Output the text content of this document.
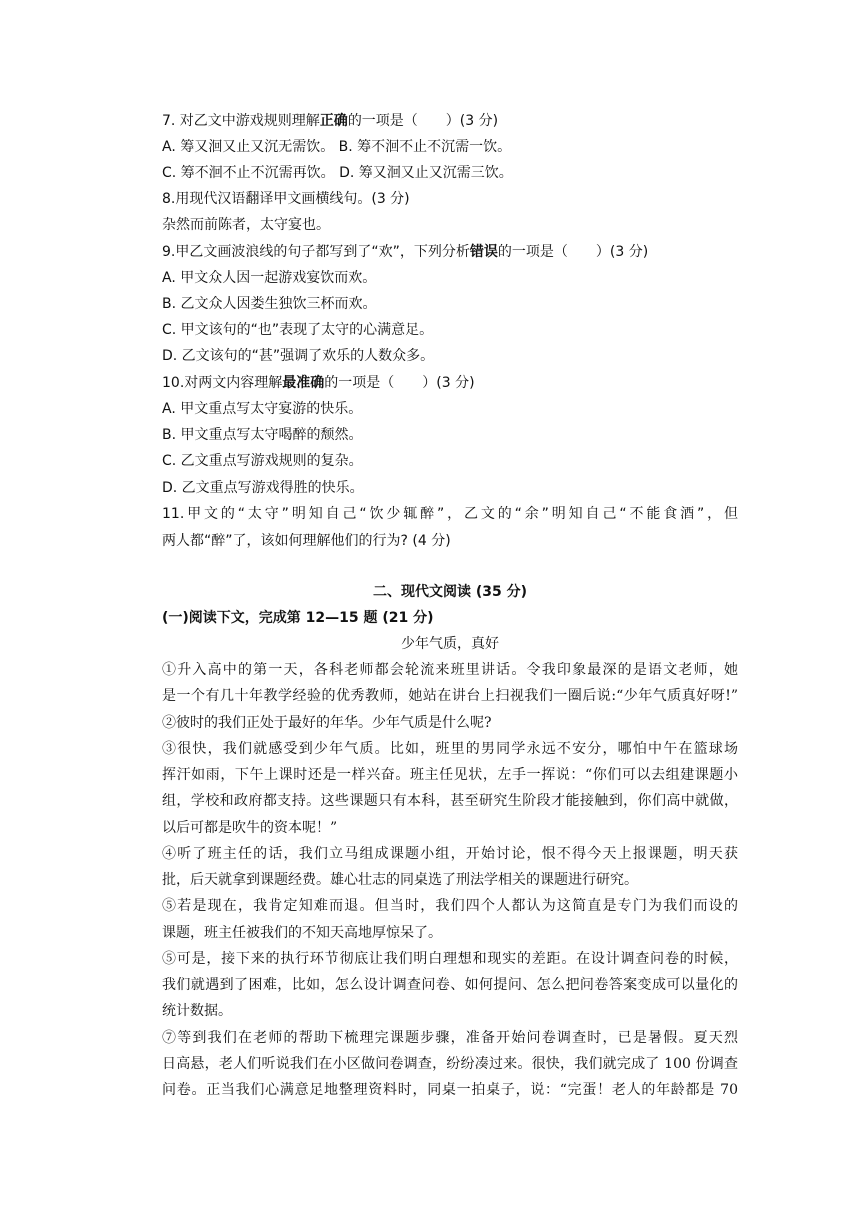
7. 对乙文中游戏规则理解正确的一项是（　　）(3 分)

A. 筹又洄又止又沉无需饮。 B. 筹不洄不止不沉需一饮。

C. 筹不洄不止不沉需再饮。 D. 筹又洄又止又沉需三饮。

8.用现代汉语翻译甲文画横线句。(3 分)

杂然而前陈者，太守宴也。

9.甲乙文画波浪线的句子都写到了“欢”，下列分析错误的一项是（　　）(3 分)

A. 甲文众人因一起游戏宴饮而欢。

B. 乙文众人因娄生独饮三杯而欢。

C. 甲文该句的“也”表现了太守的心满意足。

D. 乙文该句的“甚”强调了欢乐的人数众多。

10.对两文内容理解最准确的一项是（　　）(3 分)

A. 甲文重点写太守宴游的快乐。

B. 甲文重点写太守喝醉的颓然。

C. 乙文重点写游戏规则的复杂。

D. 乙文重点写游戏得胜的快乐。

11.甲文的“太守”明知自己“饮少辄醉”，乙文的“余”明知自己“不能食酒”，但

两人都“醉”了，该如何理解他们的行为? (4 分)

二、现代文阅读 (35 分)

(一)阅读下文，完成第 12—15 题 (21 分)

少年气质，真好

①升入高中的第一天，各科老师都会轮流来班里讲话。令我印象最深的是语文老师，她

是一个有几十年教学经验的优秀教师，她站在讲台上扫视我们一圈后说:“少年气质真好呀!”

②彼时的我们正处于最好的年华。少年气质是什么呢?

③很快，我们就感受到少年气质。比如，班里的男同学永远不安分，哪怕中午在篮球场

挥汗如雨，下午上课时还是一样兴奋。班主任见状，左手一挥说：“你们可以去组建课题小

组，学校和政府都支持。这些课题只有本科，甚至研究生阶段才能接触到，你们高中就做，

以后可都是吹牛的资本呢！”

④听了班主任的话，我们立马组成课题小组，开始讨论，恨不得今天上报课题，明天获

批，后天就拿到课题经费。雄心壮志的同桌选了刑法学相关的课题进行研究。

⑤若是现在，我肯定知难而退。但当时，我们四个人都认为这简直是专门为我们而设的

课题，班主任被我们的不知天高地厚惊呆了。

⑤可是，接下来的执行环节彻底让我们明白理想和现实的差距。在设计调查问卷的时候，

我们就遇到了困难，比如，怎么设计调查问卷、如何提问、怎么把问卷答案变成可以量化的

统计数据。

⑦等到我们在老师的帮助下梳理完课题步骤，准备开始问卷调查时，已是暑假。夏天烈

日高悬，老人们听说我们在小区做问卷调查，纷纷凑过来。很快，我们就完成了 100 份调查

问卷。正当我们心满意足地整理资料时，同桌一拍桌子，说：“完蛋！老人的年龄都是 70
